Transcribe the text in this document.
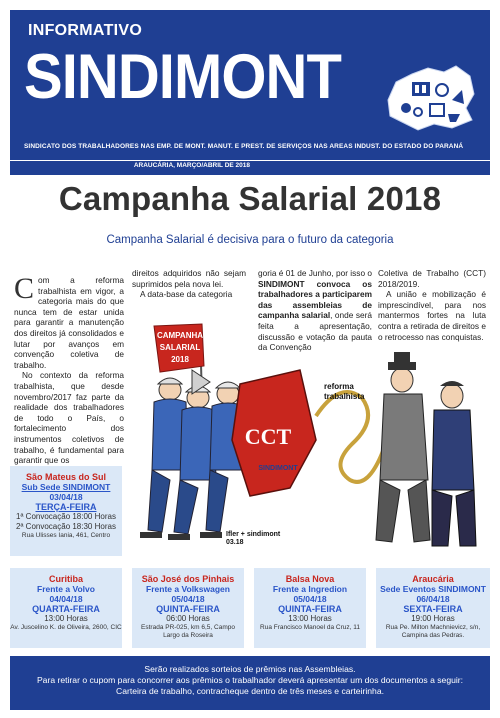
INFORMATIVO
SINDIMONT
SINDICATO DOS TRABALHADORES NAS EMP. DE MONT. MANUT. E PREST. DE SERVIÇOS NAS AREAS INDUST. DO ESTADO DO PARANÁ
ARAUCÁRIA, MARÇO/ABRIL DE 2018
Campanha Salarial 2018
Campanha Salarial é decisiva para o futuro da categoria
C om a reforma trabalhista em vigor, a categoria mais do que nunca tem de estar unida para garantir a manutenção dos direitos já consolidados e lutar por avanços em convenção coletiva de trabalho.

No contexto da reforma trabalhista, que desde novembro/2017 faz parte da realidade dos trabalhadores de todo o País, o fortalecimento dos instrumentos coletivos de trabalho, é fundamental para garantir que os

direitos adquiridos não sejam suprimidos pela nova lei.

A data-base da categoria

goria é 01 de Junho, por isso o SINDIMONT convoca os trabalhadores a participarem das assembleias de campanha salarial, onde será feita a apresentação, discussão e votação da pauta da Convenção

Coletiva de Trabalho (CCT) 2018/2019.

A união e mobilização é imprescindível, para nos mantermos fortes na luta contra a retirada de direitos e o retrocesso nas conquistas.

CAMPANHA
SALARIAL
2018
CCT
SINDIMONT
reforma
trabalhista
Ifler + sindimont
03.18
São Mateus do Sul
Sub Sede SINDIMONT
03/04/18
TERÇA-FEIRA
1ª Convocação 18:00 Horas
2ª Convocação 18:30 Horas
Rua Ulisses Iania, 461, Centro
Curitiba
Frente a Volvo
04/04/18
QUARTA-FEIRA
13:00 Horas
Av. Juscelino K. de Oliveira, 2600, CIC
São José dos Pinhais
Frente a Volkswagen
05/04/18
QUINTA-FEIRA
06:00 Horas
Estrada PR-025, km 6,5, Campo Largo da Roseira
Balsa Nova
Frente a Ingredion
05/04/18
QUINTA-FEIRA
13:00 Horas
Rua Francisco Manoel da Cruz, 11
Araucária
Sede Eventos SINDIMONT
06/04/18
SEXTA-FEIRA
19:00 Horas
Rua Pe. Milton Machnievicz, s/n, Campina das Pedras.
Serão realizados sorteios de prêmios nas Assembleias.
Para retirar o cupom para concorrer aos prêmios o trabalhador deverá apresentar um dos documentos a seguir:
Carteira de trabalho, contracheque dentro de três meses e carteirinha.
